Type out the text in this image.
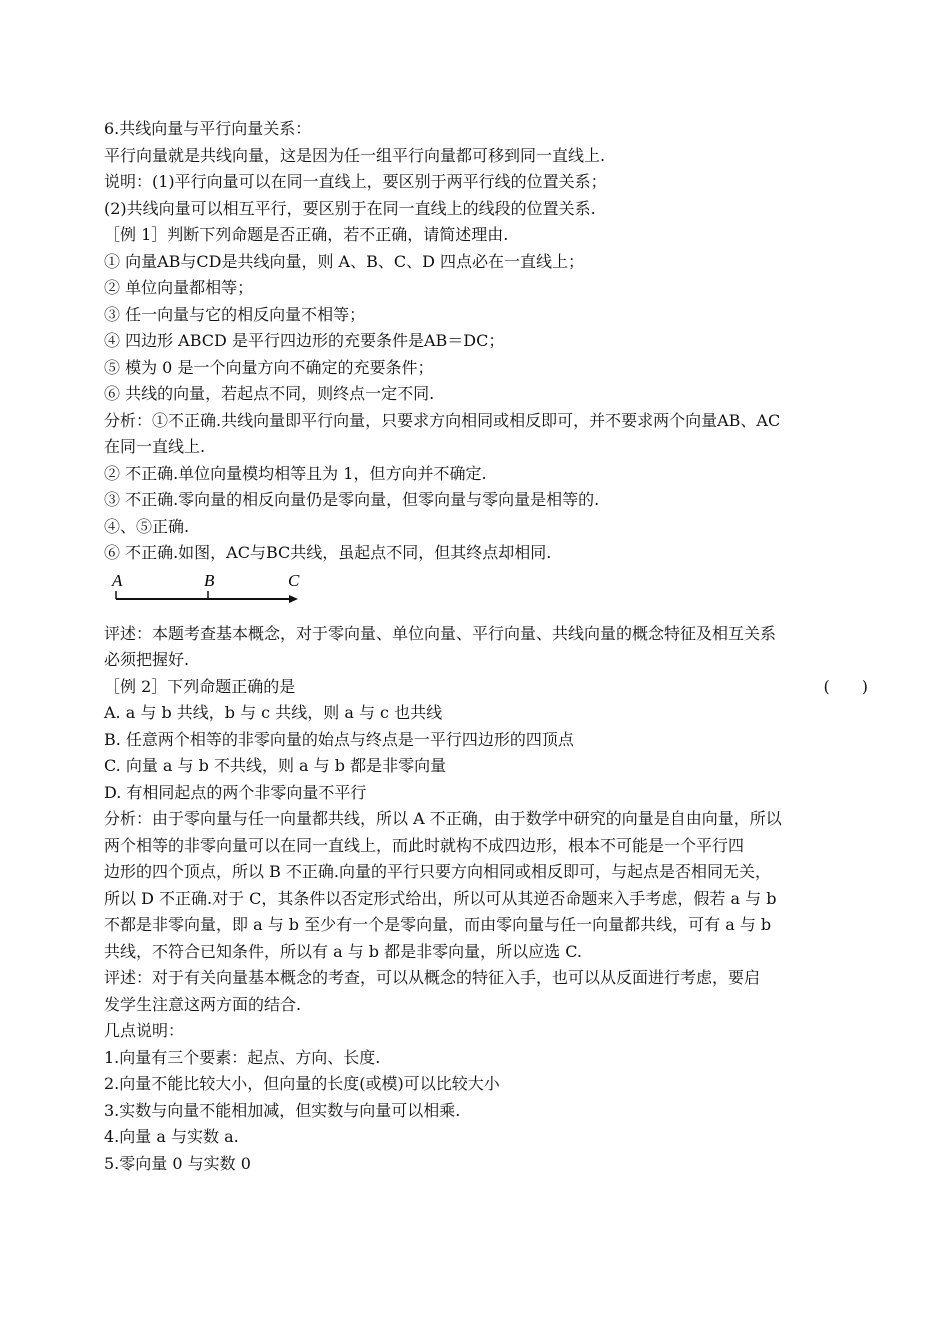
6.共线向量与平行向量关系：
平行向量就是共线向量，这是因为任一组平行向量都可移到同一直线上.
说明：(1)平行向量可以在同一直线上，要区别于两平行线的位置关系；
(2)共线向量可以相互平行，要区别于在同一直线上的线段的位置关系.
［例 1］判断下列命题是否正确，若不正确，请简述理由.
① 向量AB与CD是共线向量，则 A、B、C、D 四点必在一直线上；
② 单位向量都相等；
③ 任一向量与它的相反向量不相等；
④ 四边形 ABCD 是平行四边形的充要条件是AB＝DC；
⑤ 模为 0 是一个向量方向不确定的充要条件；
⑥ 共线的向量，若起点不同，则终点一定不同.
分析：①不正确.共线向量即平行向量，只要求方向相同或相反即可，并不要求两个向量AB、AC
在同一直线上.
② 不正确.单位向量模均相等且为 1，但方向并不确定.
③ 不正确.零向量的相反向量仍是零向量，但零向量与零向量是相等的.
④、⑤正确.
⑥ 不正确.如图，AC与BC共线，虽起点不同，但其终点却相同.
A	B	C
评述：本题考查基本概念，对于零向量、单位向量、平行向量、共线向量的概念特征及相互关系
必须把握好.
［例 2］下列命题正确的是	(　　)
A. a 与 b 共线，b 与 c 共线，则 a 与 c 也共线
B. 任意两个相等的非零向量的始点与终点是一平行四边形的四顶点
C. 向量 a 与 b 不共线，则 a 与 b 都是非零向量
D. 有相同起点的两个非零向量不平行
分析：由于零向量与任一向量都共线，所以 A 不正确，由于数学中研究的向量是自由向量，所以
两个相等的非零向量可以在同一直线上，而此时就构不成四边形，根本不可能是一个平行四
边形的四个顶点，所以 B 不正确.向量的平行只要方向相同或相反即可，与起点是否相同无关，
所以 D 不正确.对于 C，其条件以否定形式给出，所以可从其逆否命题来入手考虑，假若 a 与 b
不都是非零向量，即 a 与 b 至少有一个是零向量，而由零向量与任一向量都共线，可有 a 与 b
共线，不符合已知条件，所以有 a 与 b 都是非零向量，所以应选 C.
评述：对于有关向量基本概念的考查，可以从概念的特征入手，也可以从反面进行考虑，要启
发学生注意这两方面的结合.
几点说明：
1.向量有三个要素：起点、方向、长度.
2.向量不能比较大小，但向量的长度(或模)可以比较大小
3.实数与向量不能相加减，但实数与向量可以相乘.
4.向量 a 与实数 a.
5.零向量 0 与实数 0
